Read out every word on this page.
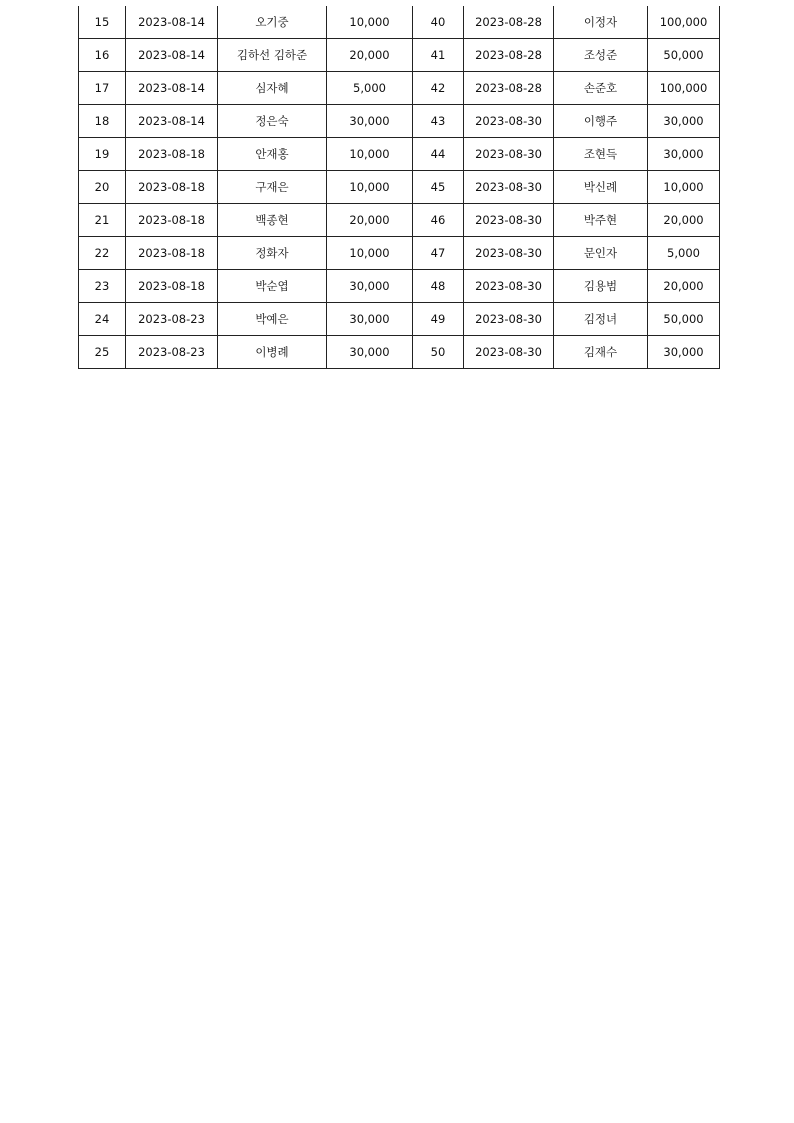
15	2023-08-14	오기중	10,000	40	2023-08-28	이정자	100,000
16	2023-08-14	김하선 김하준	20,000	41	2023-08-28	조성준	50,000
17	2023-08-14	심자혜	5,000	42	2023-08-28	손준호	100,000
18	2023-08-14	정은숙	30,000	43	2023-08-30	이행주	30,000
19	2023-08-18	안재홍	10,000	44	2023-08-30	조현득	30,000
20	2023-08-18	구재은	10,000	45	2023-08-30	박신례	10,000
21	2023-08-18	백종현	20,000	46	2023-08-30	박주현	20,000
22	2023-08-18	정화자	10,000	47	2023-08-30	문인자	5,000
23	2023-08-18	박순엽	30,000	48	2023-08-30	김용범	20,000
24	2023-08-23	박예은	30,000	49	2023-08-30	김정녀	50,000
25	2023-08-23	이병례	30,000	50	2023-08-30	김재수	30,000
